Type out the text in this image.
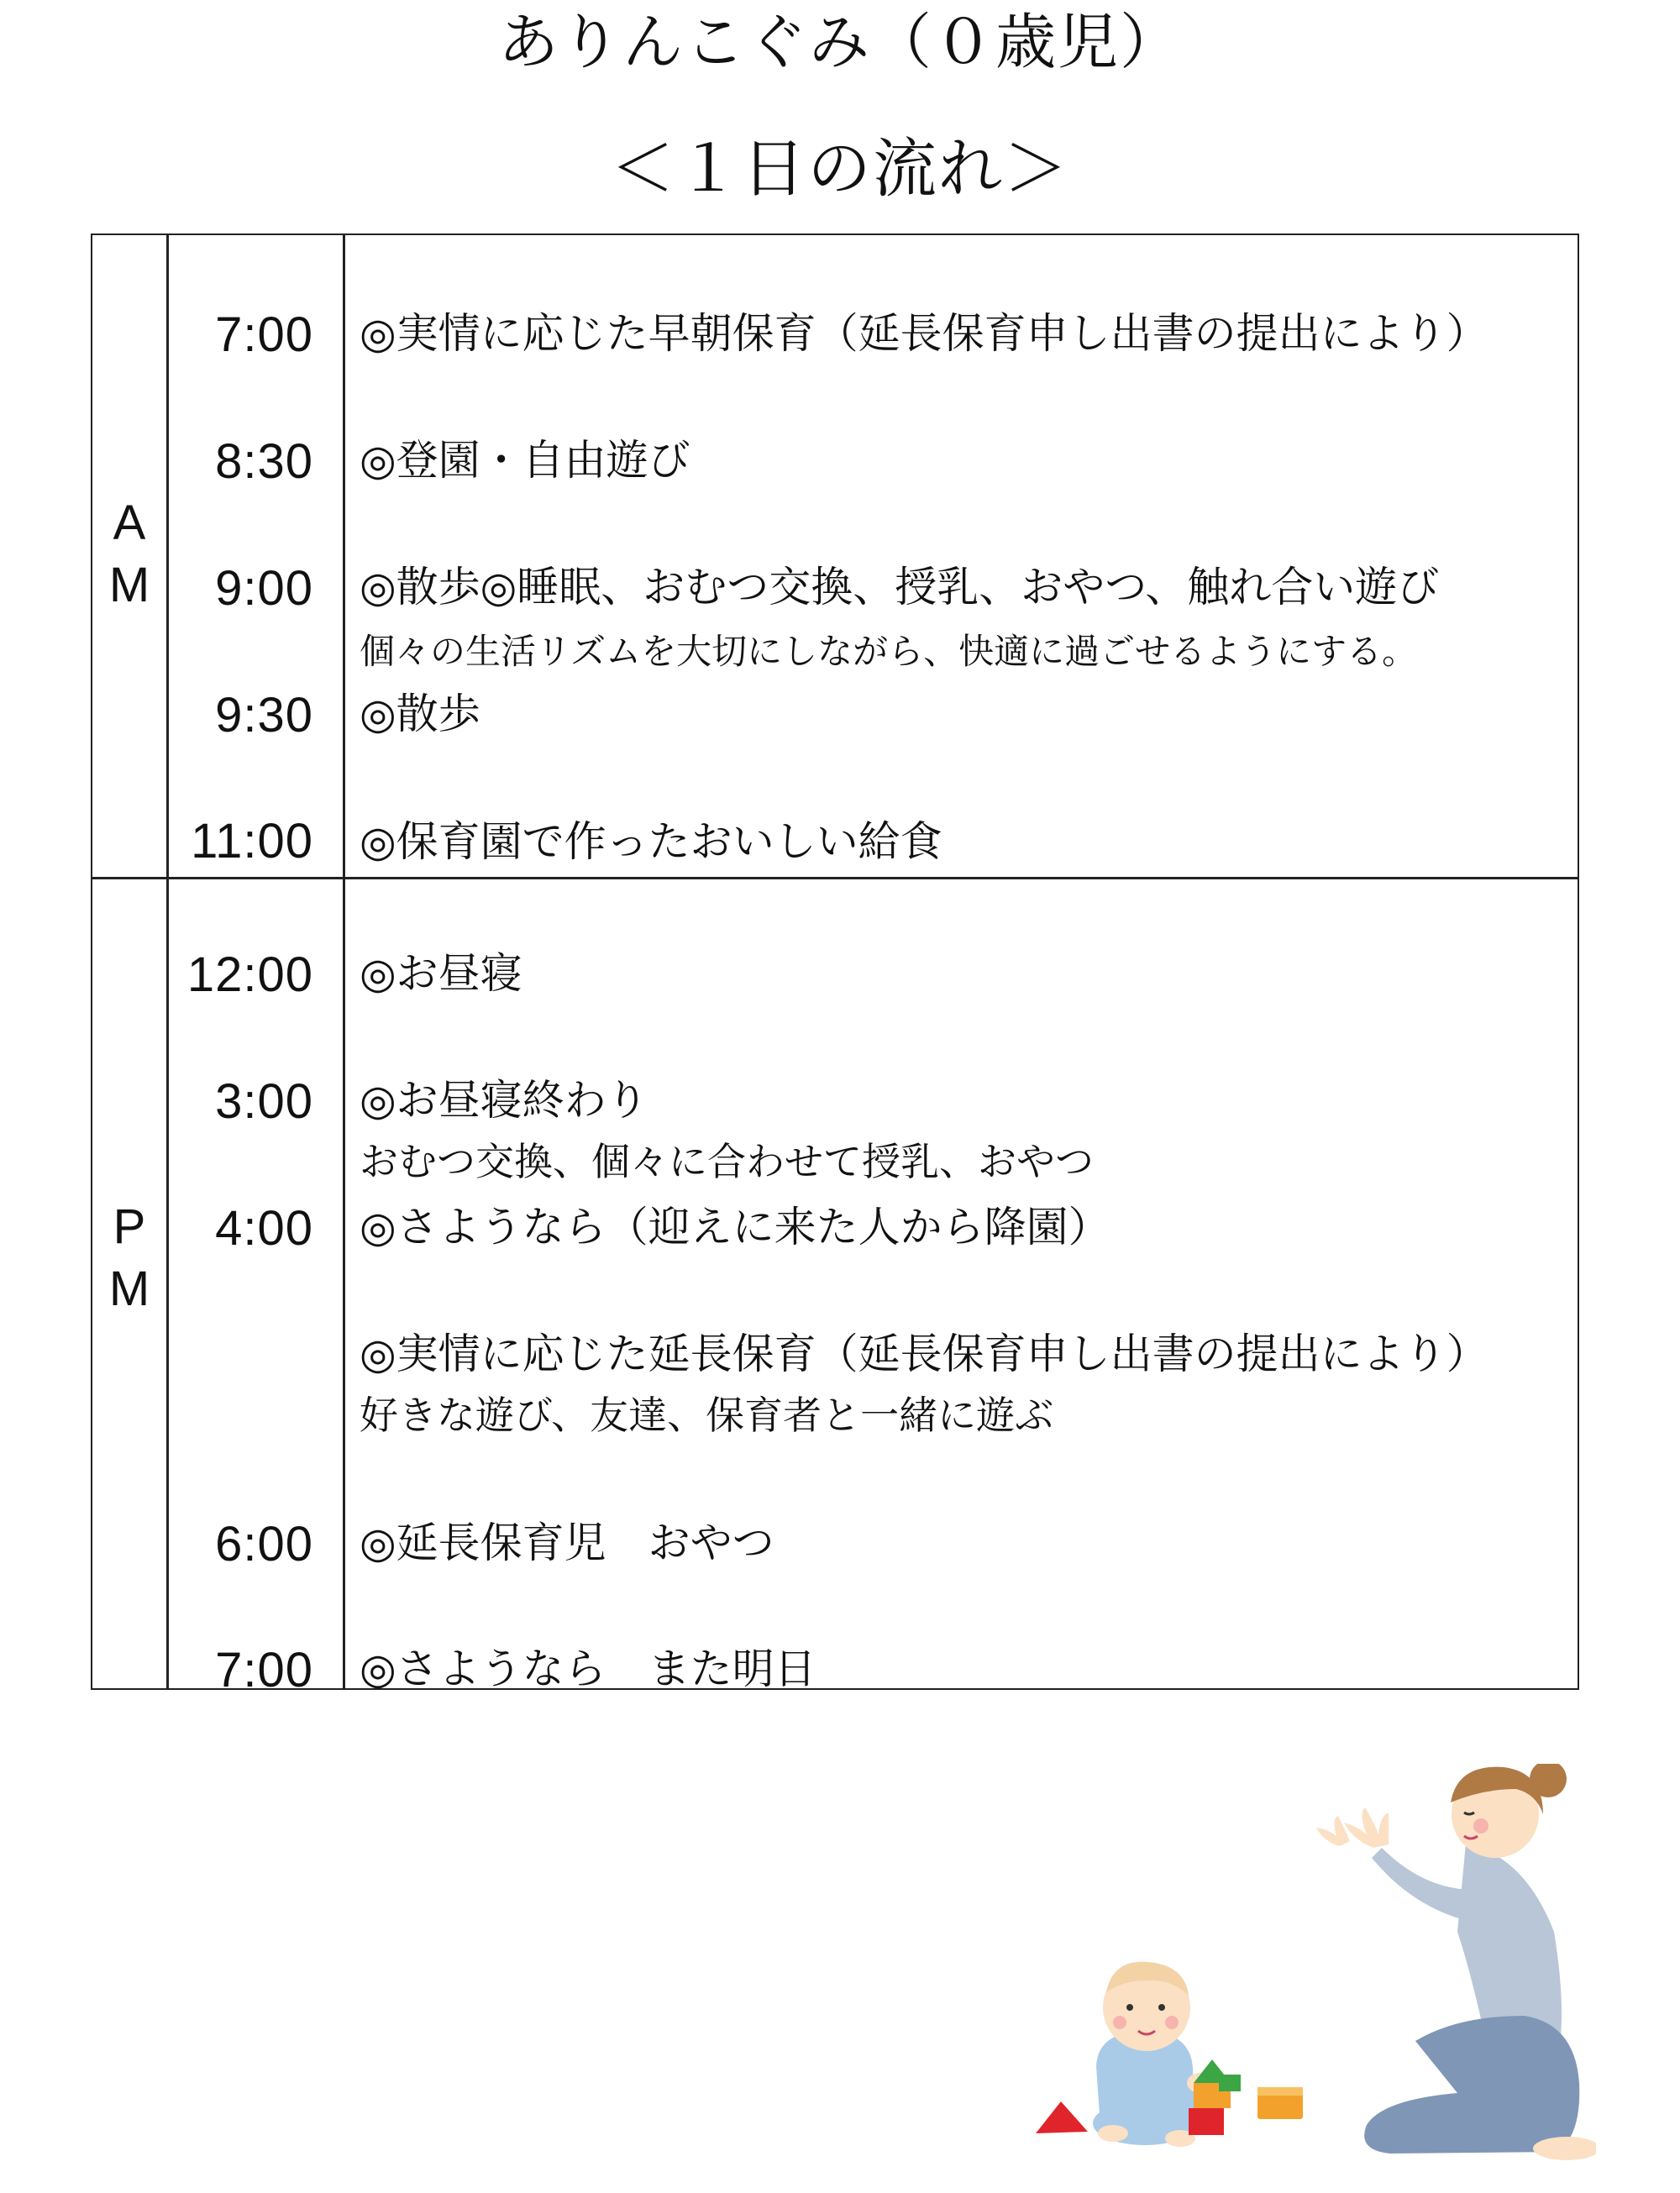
ありんこぐみ（０歳児）
＜１日の流れ＞
A
M
7:00 ◎実情に応じた早朝保育（延長保育申し出書の提出により）
8:30 ◎登園・自由遊び
9:00 ◎散歩◎睡眠、おむつ交換、授乳、おやつ、触れ合い遊び
個々の生活リズムを大切にしながら、快適に過ごせるようにする。
9:30 ◎散歩
11:00 ◎保育園で作ったおいしい給食
P
M
12:00 ◎お昼寝
3:00 ◎お昼寝終わり
おむつ交換、個々に合わせて授乳、おやつ
4:00 ◎さようなら（迎えに来た人から降園）
◎実情に応じた延長保育（延長保育申し出書の提出により）
好きな遊び、友達、保育者と一緒に遊ぶ
6:00 ◎延長保育児　おやつ
7:00 ◎さようなら　また明日
